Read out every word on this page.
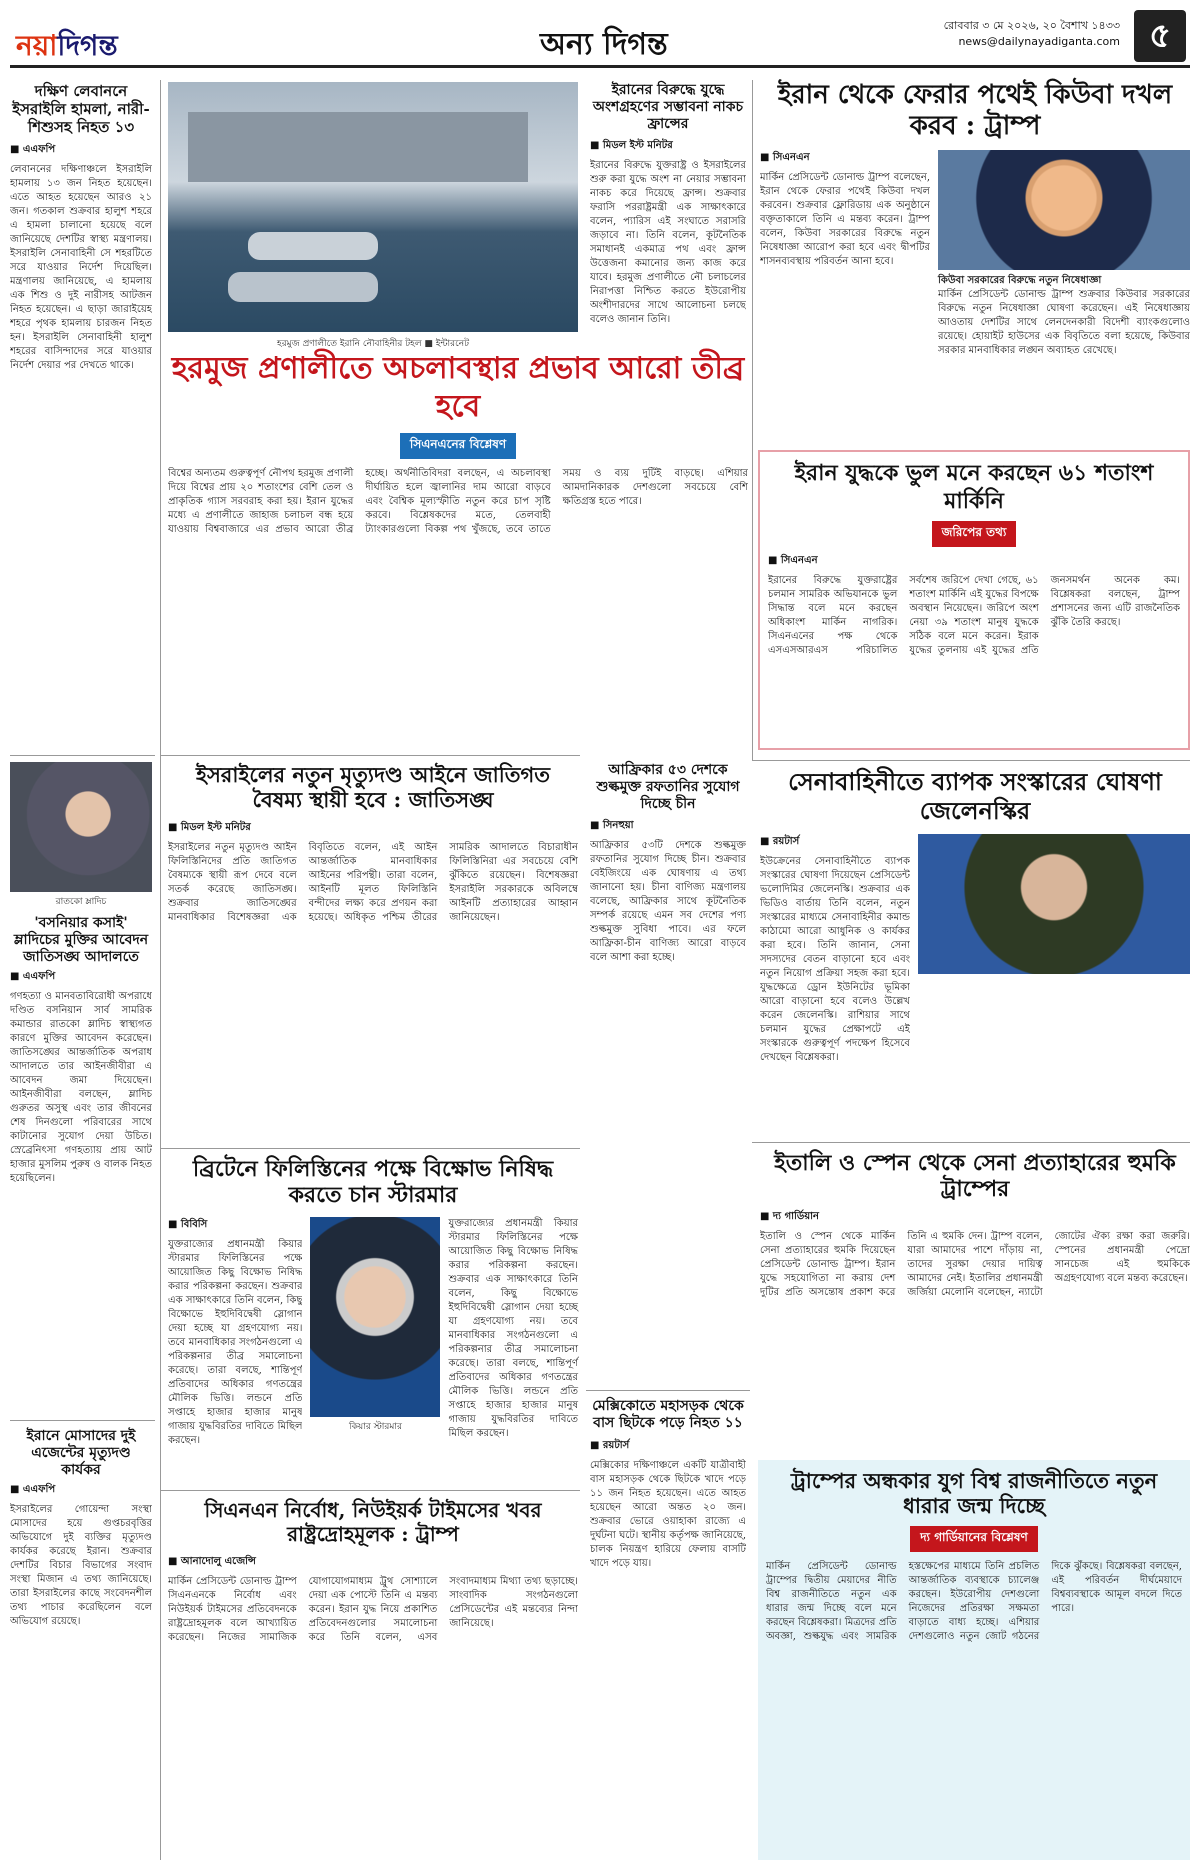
নয়াদিগন্ত	অন্য দিগন্ত
রোববার ৩ মে ২০২৬, ২০ বৈশাখ ১৪৩৩
news@dailynayadiganta.com ৫
দক্ষিণ লেবাননে ইসরাইলি হামলা, নারী-শিশুসহ নিহত ১৩
■ এএফপি
লেবাননের দক্ষিণাঞ্চলে ইসরাইলি হামলায় ১৩ জন নিহত হয়েছেন। এতে আহত হয়েছেন আরও ২১ জন। গতকাল শুক্রবার হালুশ শহরে এ হামলা চালানো হয়েছে বলে জানিয়েছে দেশটির স্বাস্থ্য মন্ত্রণালয়। ইসরাইলি সেনাবাহিনী সে শহরটিতে সরে যাওয়ার নির্দেশ দিয়েছিল। মন্ত্রণালয় জানিয়েছে, এ হামলায় এক শিশু ও দুই নারীসহ আটজন নিহত হয়েছেন। এ ছাড়া জারাইয়েহ শহরে পৃথক হামলায় চারজন নিহত হন। ইসরাইলি সেনাবাহিনী হালুশ শহরের বাসিন্দাদের সরে যাওয়ার নির্দেশ দেয়ার পর দেখতে থাকে।
হরমুজ প্রণালীতে ইরানি নৌবাহিনীর টহল ■ ইন্টারনেট
হরমুজ প্রণালীতে অচলাবস্থার প্রভাব আরো তীব্র হবে
সিএনএনের বিশ্লেষণ
বিশ্বের অন্যতম গুরুত্বপূর্ণ নৌপথ হরমুজ প্রণালী দিয়ে বিশ্বের প্রায় ২০ শতাংশের বেশি তেল ও প্রাকৃতিক গ্যাস সরবরাহ করা হয়। ইরান যুদ্ধের মধ্যে এ প্রণালীতে জাহাজ চলাচল বন্ধ হয়ে যাওয়ায় বিশ্ববাজারে এর প্রভাব আরো তীব্র হচ্ছে। অর্থনীতিবিদরা বলছেন, এ অচলাবস্থা দীর্ঘায়িত হলে জ্বালানির দাম আরো বাড়বে এবং বৈশ্বিক মূল্যস্ফীতি নতুন করে চাপ সৃষ্টি করবে। বিশ্লেষকদের মতে, তেলবাহী ট্যাংকারগুলো বিকল্প পথ খুঁজছে, তবে তাতে সময় ও ব্যয় দুটিই বাড়ছে। এশিয়ার আমদানিকারক দেশগুলো সবচেয়ে বেশি ক্ষতিগ্রস্ত হতে পারে।
ইরানের বিরুদ্ধে যুদ্ধে অংশগ্রহণের সম্ভাবনা নাকচ ফ্রান্সের
■ মিডল ইস্ট মনিটর
ইরানের বিরুদ্ধে যুক্তরাষ্ট্র ও ইসরাইলের শুরু করা যুদ্ধে অংশ না নেয়ার সম্ভাবনা নাকচ করে দিয়েছে ফ্রান্স। শুক্রবার ফরাসি পররাষ্ট্রমন্ত্রী এক সাক্ষাৎকারে বলেন, প্যারিস এই সংঘাতে সরাসরি জড়াবে না। তিনি বলেন, কূটনৈতিক সমাধানই একমাত্র পথ এবং ফ্রান্স উত্তেজনা কমানোর জন্য কাজ করে যাবে। হরমুজ প্রণালীতে নৌ চলাচলের নিরাপত্তা নিশ্চিত করতে ইউরোপীয় অংশীদারদের সাথে আলোচনা চলছে বলেও জানান তিনি।
ইরান থেকে ফেরার পথেই কিউবা দখল করব : ট্রাম্প
■ সিএনএন
মার্কিন প্রেসিডেন্ট ডোনাল্ড ট্রাম্প বলেছেন, ইরান থেকে ফেরার পথেই কিউবা দখল করবেন। শুক্রবার ফ্লোরিডায় এক অনুষ্ঠানে বক্তৃতাকালে তিনি এ মন্তব্য করেন। ট্রাম্প বলেন, কিউবা সরকারের বিরুদ্ধে নতুন নিষেধাজ্ঞা আরোপ করা হবে এবং দ্বীপটির শাসনব্যবস্থায় পরিবর্তন আনা হবে।
কিউবা সরকারের বিরুদ্ধে নতুন নিষেধাজ্ঞা
মার্কিন প্রেসিডেন্ট ডোনাল্ড ট্রাম্প শুক্রবার কিউবার সরকারের বিরুদ্ধে নতুন নিষেধাজ্ঞা ঘোষণা করেছেন। এই নিষেধাজ্ঞায় আওতায় দেশটির সাথে লেনদেনকারী বিদেশী ব্যাংকগুলোও রয়েছে। হোয়াইট হাউসের এক বিবৃতিতে বলা হয়েছে, কিউবার সরকার মানবাধিকার লঙ্ঘন অব্যাহত রেখেছে।
ইরান যুদ্ধকে ভুল মনে করছেন ৬১ শতাংশ মার্কিনি
জরিপের তথ্য
■ সিএনএন
ইরানের বিরুদ্ধে যুক্তরাষ্ট্রের চলমান সামরিক অভিযানকে ভুল সিদ্ধান্ত বলে মনে করছেন অধিকাংশ মার্কিন নাগরিক। সিএনএনের পক্ষ থেকে এসএসআরএস পরিচালিত সর্বশেষ জরিপে দেখা গেছে, ৬১ শতাংশ মার্কিনি এই যুদ্ধের বিপক্ষে অবস্থান নিয়েছেন। জরিপে অংশ নেয়া ৩৯ শতাংশ মানুষ যুদ্ধকে সঠিক বলে মনে করেন। ইরাক যুদ্ধের তুলনায় এই যুদ্ধের প্রতি জনসমর্থন অনেক কম। বিশ্লেষকরা বলছেন, ট্রাম্প প্রশাসনের জন্য এটি রাজনৈতিক ঝুঁকি তৈরি করছে।
ইসরাইলের নতুন মৃত্যুদণ্ড আইনে জাতিগত বৈষম্য স্থায়ী হবে : জাতিসঙ্ঘ
■ মিডল ইস্ট মনিটর
ইসরাইলের নতুন মৃত্যুদণ্ড আইন ফিলিস্তিনিদের প্রতি জাতিগত বৈষম্যকে স্থায়ী রূপ দেবে বলে সতর্ক করেছে জাতিসঙ্ঘ। শুক্রবার জাতিসঙ্ঘের মানবাধিকার বিশেষজ্ঞরা এক বিবৃতিতে বলেন, এই আইন আন্তর্জাতিক মানবাধিকার আইনের পরিপন্থী। তারা বলেন, আইনটি মূলত ফিলিস্তিনি বন্দীদের লক্ষ্য করে প্রণয়ন করা হয়েছে। অধিকৃত পশ্চিম তীরের সামরিক আদালতে বিচারাধীন ফিলিস্তিনিরা এর সবচেয়ে বেশি ঝুঁকিতে রয়েছেন। বিশেষজ্ঞরা ইসরাইলি সরকারকে অবিলম্বে আইনটি প্রত্যাহারের আহ্বান জানিয়েছেন।
আফ্রিকার ৫৩ দেশকে শুল্কমুক্ত রফতানির সুযোগ দিচ্ছে চীন
■ সিনহুয়া
আফ্রিকার ৫৩টি দেশকে শুল্কমুক্ত রফতানির সুযোগ দিচ্ছে চীন। শুক্রবার বেইজিংয়ে এক ঘোষণায় এ তথ্য জানানো হয়। চীনা বাণিজ্য মন্ত্রণালয় বলেছে, আফ্রিকার সাথে কূটনৈতিক সম্পর্ক রয়েছে এমন সব দেশের পণ্য শুল্কমুক্ত সুবিধা পাবে। এর ফলে আফ্রিকা-চীন বাণিজ্য আরো বাড়বে বলে আশা করা হচ্ছে।
রাতকো ম্লাদিচ
'বসনিয়ার কসাই' ম্লাদিচের মুক্তির আবেদন জাতিসঙ্ঘ আদালতে
■ এএফপি
গণহত্যা ও মানবতাবিরোধী অপরাধে দণ্ডিত বসনিয়ান সার্ব সামরিক কমান্ডার রাতকো ম্লাদিচ স্বাস্থ্যগত কারণে মুক্তির আবেদন করেছেন। জাতিসঙ্ঘের আন্তর্জাতিক অপরাধ আদালতে তার আইনজীবীরা এ আবেদন জমা দিয়েছেন। আইনজীবীরা বলছেন, ম্লাদিচ গুরুতর অসুস্থ এবং তার জীবনের শেষ দিনগুলো পরিবারের সাথে কাটানোর সুযোগ দেয়া উচিত। স্রেব্রেনিৎসা গণহত্যায় প্রায় আট হাজার মুসলিম পুরুষ ও বালক নিহত হয়েছিলেন।
ইরানে মোসাদের দুই এজেন্টের মৃত্যুদণ্ড কার্যকর
■ এএফপি
ইসরাইলের গোয়েন্দা সংস্থা মোসাদের হয়ে গুপ্তচরবৃত্তির অভিযোগে দুই ব্যক্তির মৃত্যুদণ্ড কার্যকর করেছে ইরান। শুক্রবার দেশটির বিচার বিভাগের সংবাদ সংস্থা মিজান এ তথ্য জানিয়েছে। তারা ইসরাইলের কাছে সংবেদনশীল তথ্য পাচার করেছিলেন বলে অভিযোগ রয়েছে।
সেনাবাহিনীতে ব্যাপক সংস্কারের ঘোষণা জেলেনস্কির
■ রয়টার্স
ইউক্রেনের সেনাবাহিনীতে ব্যাপক সংস্কারের ঘোষণা দিয়েছেন প্রেসিডেন্ট ভলোদিমির জেলেনস্কি। শুক্রবার এক ভিডিও বার্তায় তিনি বলেন, নতুন সংস্কারের মাধ্যমে সেনাবাহিনীর কমান্ড কাঠামো আরো আধুনিক ও কার্যকর করা হবে। তিনি জানান, সেনা সদস্যদের বেতন বাড়ানো হবে এবং নতুন নিয়োগ প্রক্রিয়া সহজ করা হবে। যুদ্ধক্ষেত্রে ড্রোন ইউনিটের ভূমিকা আরো বাড়ানো হবে বলেও উল্লেখ করেন জেলেনস্কি। রাশিয়ার সাথে চলমান যুদ্ধের প্রেক্ষাপটে এই সংস্কারকে গুরুত্বপূর্ণ পদক্ষেপ হিসেবে দেখছেন বিশ্লেষকরা।
ব্রিটেনে ফিলিস্তিনের পক্ষে বিক্ষোভ নিষিদ্ধ করতে চান স্টারমার
■ বিবিসি
যুক্তরাজ্যের প্রধানমন্ত্রী কিয়ার স্টারমার ফিলিস্তিনের পক্ষে আয়োজিত কিছু বিক্ষোভ নিষিদ্ধ করার পরিকল্পনা করছেন। শুক্রবার এক সাক্ষাৎকারে তিনি বলেন, কিছু বিক্ষোভে ইহুদিবিদ্বেষী স্লোগান দেয়া হচ্ছে যা গ্রহণযোগ্য নয়। তবে মানবাধিকার সংগঠনগুলো এ পরিকল্পনার তীব্র সমালোচনা করেছে। তারা বলছে, শান্তিপূর্ণ প্রতিবাদের অধিকার গণতন্ত্রের মৌলিক ভিত্তি। লন্ডনে প্রতি সপ্তাহে হাজার হাজার মানুষ গাজায় যুদ্ধবিরতির দাবিতে মিছিল করছেন।
কিয়ার স্টারমার
যুক্তরাজ্যের প্রধানমন্ত্রী কিয়ার স্টারমার ফিলিস্তিনের পক্ষে আয়োজিত কিছু বিক্ষোভ নিষিদ্ধ করার পরিকল্পনা করছেন। শুক্রবার এক সাক্ষাৎকারে তিনি বলেন, কিছু বিক্ষোভে ইহুদিবিদ্বেষী স্লোগান দেয়া হচ্ছে যা গ্রহণযোগ্য নয়। তবে মানবাধিকার সংগঠনগুলো এ পরিকল্পনার তীব্র সমালোচনা করেছে। তারা বলছে, শান্তিপূর্ণ প্রতিবাদের অধিকার গণতন্ত্রের মৌলিক ভিত্তি। লন্ডনে প্রতি সপ্তাহে হাজার হাজার মানুষ গাজায় যুদ্ধবিরতির দাবিতে মিছিল করছেন।
সিএনএন নির্বোধ, নিউইয়র্ক টাইমসের খবর রাষ্ট্রদ্রোহমূলক : ট্রাম্প
■ আনাদোলু এজেন্সি
মার্কিন প্রেসিডেন্ট ডোনাল্ড ট্রাম্প সিএনএনকে নির্বোধ এবং নিউইয়র্ক টাইমসের প্রতিবেদনকে রাষ্ট্রদ্রোহমূলক বলে আখ্যায়িত করেছেন। নিজের সামাজিক যোগাযোগমাধ্যম ট্রুথ সোশ্যালে দেয়া এক পোস্টে তিনি এ মন্তব্য করেন। ইরান যুদ্ধ নিয়ে প্রকাশিত প্রতিবেদনগুলোর সমালোচনা করে তিনি বলেন, এসব সংবাদমাধ্যম মিথ্যা তথ্য ছড়াচ্ছে। সাংবাদিক সংগঠনগুলো প্রেসিডেন্টের এই মন্তব্যের নিন্দা জানিয়েছে।
মেক্সিকোতে মহাসড়ক থেকে বাস ছিটকে পড়ে নিহত ১১
■ রয়টার্স
মেক্সিকোর দক্ষিণাঞ্চলে একটি যাত্রীবাহী বাস মহাসড়ক থেকে ছিটকে খাদে পড়ে ১১ জন নিহত হয়েছেন। এতে আহত হয়েছেন আরো অন্তত ২০ জন। শুক্রবার ভোরে ওয়াহাকা রাজ্যে এ দুর্ঘটনা ঘটে। স্থানীয় কর্তৃপক্ষ জানিয়েছে, চালক নিয়ন্ত্রণ হারিয়ে ফেলায় বাসটি খাদে পড়ে যায়।
ইতালি ও স্পেন থেকে সেনা প্রত্যাহারের হুমকি ট্রাম্পের
■ দ্য গার্ডিয়ান
ইতালি ও স্পেন থেকে মার্কিন সেনা প্রত্যাহারের হুমকি দিয়েছেন প্রেসিডেন্ট ডোনাল্ড ট্রাম্প। ইরান যুদ্ধে সহযোগিতা না করায় দেশ দুটির প্রতি অসন্তোষ প্রকাশ করে তিনি এ হুমকি দেন। ট্রাম্প বলেন, যারা আমাদের পাশে দাঁড়ায় না, তাদের সুরক্ষা দেয়ার দায়িত্ব আমাদের নেই। ইতালির প্রধানমন্ত্রী জর্জিয়া মেলোনি বলেছেন, ন্যাটো জোটের ঐক্য রক্ষা করা জরুরি। স্পেনের প্রধানমন্ত্রী পেদ্রো সানচেজ এই হুমকিকে অগ্রহণযোগ্য বলে মন্তব্য করেছেন।
ট্রাম্পের অন্ধকার যুগ বিশ্ব রাজনীতিতে নতুন ধারার জন্ম দিচ্ছে
দ্য গার্ডিয়ানের বিশ্লেষণ
মার্কিন প্রেসিডেন্ট ডোনাল্ড ট্রাম্পের দ্বিতীয় মেয়াদের নীতি বিশ্ব রাজনীতিতে নতুন এক ধারার জন্ম দিচ্ছে বলে মনে করছেন বিশ্লেষকরা। মিত্রদের প্রতি অবজ্ঞা, শুল্কযুদ্ধ এবং সামরিক হস্তক্ষেপের মাধ্যমে তিনি প্রচলিত আন্তর্জাতিক ব্যবস্থাকে চ্যালেঞ্জ করছেন। ইউরোপীয় দেশগুলো নিজেদের প্রতিরক্ষা সক্ষমতা বাড়াতে বাধ্য হচ্ছে। এশিয়ার দেশগুলোও নতুন জোট গঠনের দিকে ঝুঁকছে। বিশ্লেষকরা বলছেন, এই পরিবর্তন দীর্ঘমেয়াদে বিশ্বব্যবস্থাকে আমূল বদলে দিতে পারে।
